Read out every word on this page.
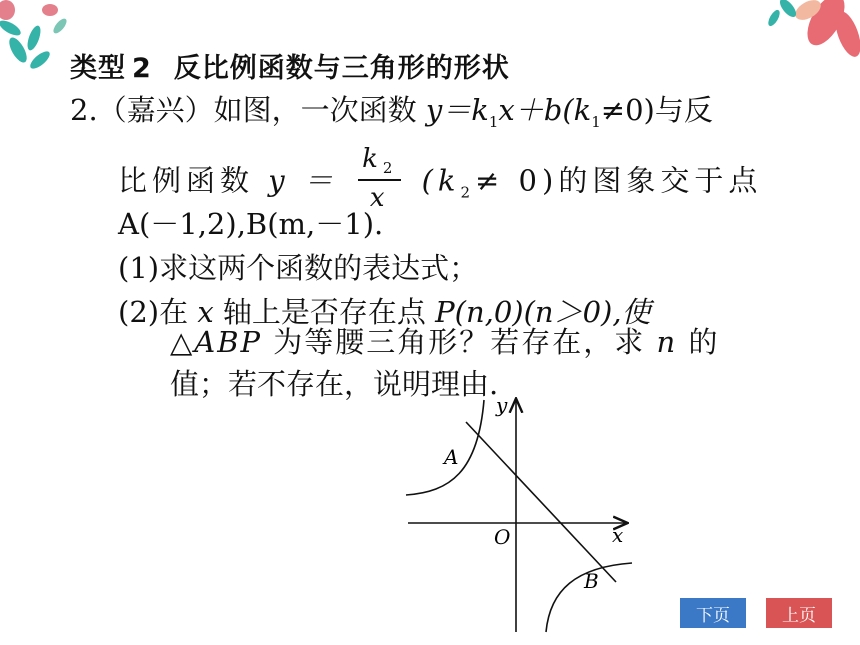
类型 2 反比例函数与三角形的形状
2.（嘉兴）如图，一次函数 $y=k_1x+b(k_1\ne 0)$与反
比例函数 $y = \frac{k_2}{x} (k_2\ne 0)$的图象交于点
A(－1,2),B(m,－1).
(1)求这两个函数的表达式；
(2)在 x 轴上是否存在点 P(n,0)(n＞0),使
△ABP 为等腰三角形？若存在，求 n 的
值；若不存在，说明理由.
y
x
O
A
B
下页	上页
